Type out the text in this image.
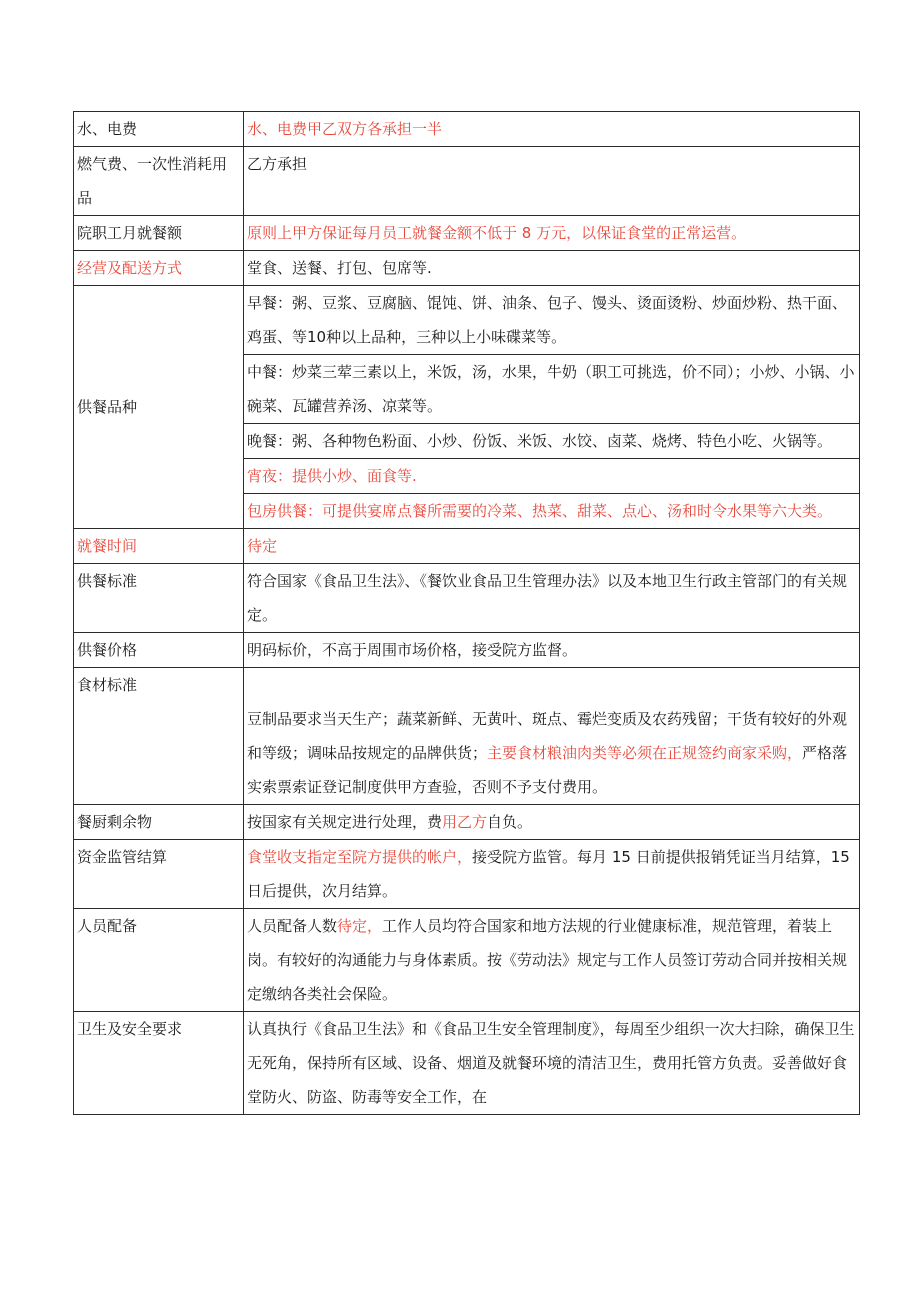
水、电费	水、电费甲乙双方各承担一半
燃气费、一次性消耗用品	乙方承担
院职工月就餐额	原则上甲方保证每月员工就餐金额不低于 8 万元，以保证食堂的正常运营。
经营及配送方式	堂食、送餐、打包、包席等.
供餐品种	早餐：粥、豆浆、豆腐脑、馄饨、饼、油条、包子、馒头、烫面烫粉、炒面炒粉、热干面、鸡蛋、等10种以上品种，三种以上小味碟菜等。
	中餐：炒菜三荤三素以上，米饭，汤，水果，牛奶（职工可挑选，价不同）；小炒、小锅、小碗菜、瓦罐营养汤、凉菜等。
	晚餐：粥、各种物色粉面、小炒、份饭、米饭、水饺、卤菜、烧烤、特色小吃、火锅等。
	宵夜：提供小炒、面食等.
	包房供餐：可提供宴席点餐所需要的冷菜、热菜、甜菜、点心、汤和时令水果等六大类。
就餐时间	待定
供餐标准	符合国家《食品卫生法》、《餐饮业食品卫生管理办法》以及本地卫生行政主管部门的有关规定。
供餐价格	明码标价，不高于周围市场价格，接受院方监督。
食材标准	豆制品要求当天生产；蔬菜新鲜、无黄叶、斑点、霉烂变质及农药残留；干货有较好的外观和等级；调味品按规定的品牌供货；主要食材粮油肉类等必须在正规签约商家采购，严格落实索票索证登记制度供甲方查验，否则不予支付费用。
餐厨剩余物	按国家有关规定进行处理，费用乙方自负。
资金监管结算	食堂收支指定至院方提供的帐户，接受院方监管。每月 15 日前提供报销凭证当月结算，15 日后提供，次月结算。
人员配备	人员配备人数待定，工作人员均符合国家和地方法规的行业健康标准，规范管理，着装上岗。有较好的沟通能力与身体素质。按《劳动法》规定与工作人员签订劳动合同并按相关规定缴纳各类社会保险。
卫生及安全要求	认真执行《食品卫生法》和《食品卫生安全管理制度》，每周至少组织一次大扫除，确保卫生无死角，保持所有区域、设备、烟道及就餐环境的清洁卫生，费用托管方负责。妥善做好食堂防火、防盗、防毒等安全工作，在
